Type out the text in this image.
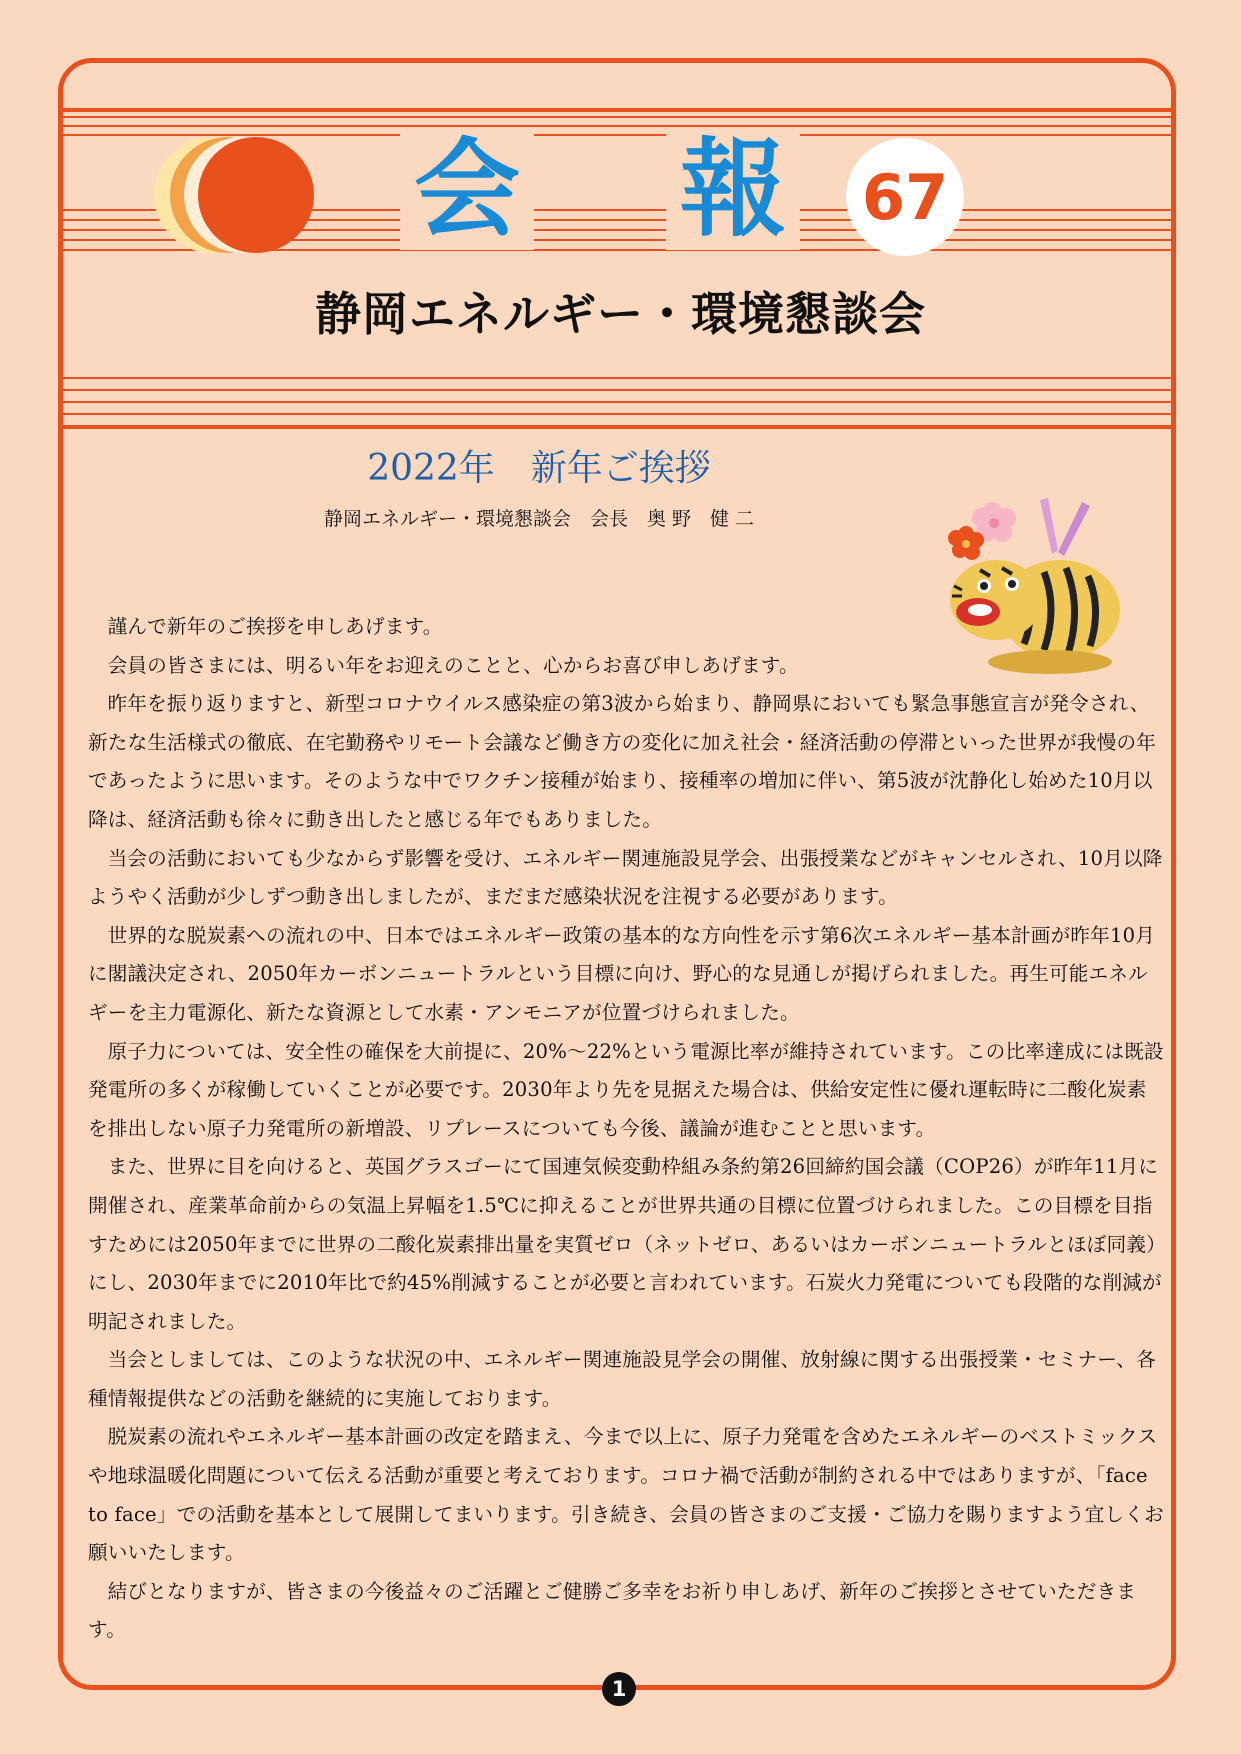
会 報 67
静岡エネルギー・環境懇談会
2022年　新年ご挨拶
静岡エネルギー・環境懇談会　会長　奥 野　健 二

謹んで新年のご挨拶を申しあげます。

会員の皆さまには、明るい年をお迎えのことと、心からお喜び申しあげます。

昨年を振り返りますと、新型コロナウイルス感染症の第3波から始まり、静岡県においても緊急事態宣言が発令され、新たな生活様式の徹底、在宅勤務やリモート会議など働き方の変化に加え社会・経済活動の停滞といった世界が我慢の年であったように思います。そのような中でワクチン接種が始まり、接種率の増加に伴い、第5波が沈静化し始めた10月以降は、経済活動も徐々に動き出したと感じる年でもありました。

当会の活動においても少なからず影響を受け、エネルギー関連施設見学会、出張授業などがキャンセルされ、10月以降ようやく活動が少しずつ動き出しましたが、まだまだ感染状況を注視する必要があります。

世界的な脱炭素への流れの中、日本ではエネルギー政策の基本的な方向性を示す第6次エネルギー基本計画が昨年10月に閣議決定され、2050年カーボンニュートラルという目標に向け、野心的な見通しが掲げられました。再生可能エネルギーを主力電源化、新たな資源として水素・アンモニアが位置づけられました。

原子力については、安全性の確保を大前提に、20%～22%という電源比率が維持されています。この比率達成には既設発電所の多くが稼働していくことが必要です。2030年より先を見据えた場合は、供給安定性に優れ運転時に二酸化炭素を排出しない原子力発電所の新増設、リプレースについても今後、議論が進むことと思います。

また、世界に目を向けると、英国グラスゴーにて国連気候変動枠組み条約第26回締約国会議（COP26）が昨年11月に開催され、産業革命前からの気温上昇幅を1.5℃に抑えることが世界共通の目標に位置づけられました。この目標を目指すためには2050年までに世界の二酸化炭素排出量を実質ゼロ（ネットゼロ、あるいはカーボンニュートラルとほぼ同義）にし、2030年までに2010年比で約45%削減することが必要と言われています。石炭火力発電についても段階的な削減が明記されました。

当会としましては、このような状況の中、エネルギー関連施設見学会の開催、放射線に関する出張授業・セミナー、各種情報提供などの活動を継続的に実施しております。

脱炭素の流れやエネルギー基本計画の改定を踏まえ、今まで以上に、原子力発電を含めたエネルギーのベストミックスや地球温暖化問題について伝える活動が重要と考えております。コロナ禍で活動が制約される中ではありますが、「face to face」での活動を基本として展開してまいります。引き続き、会員の皆さまのご支援・ご協力を賜りますよう宜しくお願いいたします。

結びとなりますが、皆さまの今後益々のご活躍とご健勝ご多幸をお祈り申しあげ、新年のご挨拶とさせていただきます。

1
